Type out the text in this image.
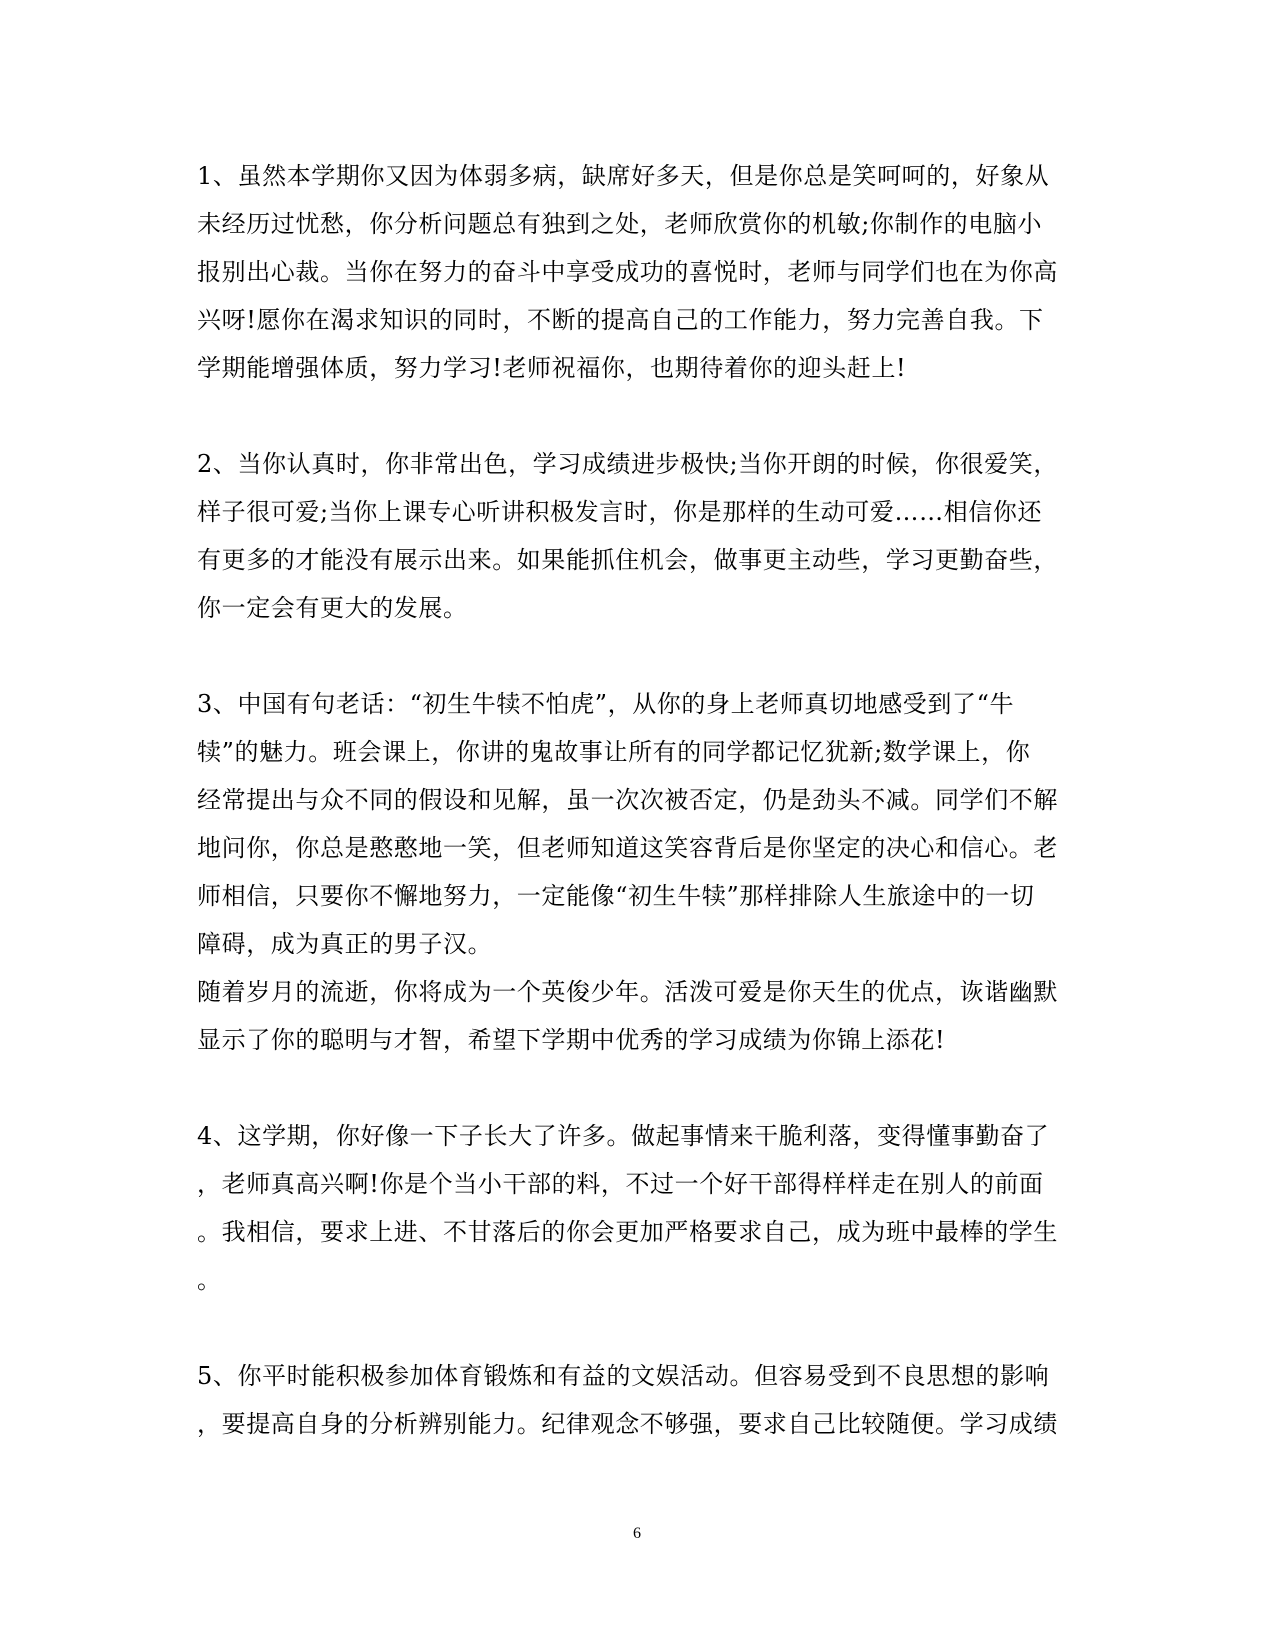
1、虽然本学期你又因为体弱多病，缺席好多天，但是你总是笑呵呵的，好象从
未经历过忧愁，你分析问题总有独到之处，老师欣赏你的机敏;你制作的电脑小
报别出心裁。当你在努力的奋斗中享受成功的喜悦时，老师与同学们也在为你高
兴呀!愿你在渴求知识的同时，不断的提高自己的工作能力，努力完善自我。下
学期能增强体质，努力学习!老师祝福你，也期待着你的迎头赶上!
2、当你认真时，你非常出色，学习成绩进步极快;当你开朗的时候，你很爱笑，
样子很可爱;当你上课专心听讲积极发言时，你是那样的生动可爱……相信你还
有更多的才能没有展示出来。如果能抓住机会，做事更主动些，学习更勤奋些，
你一定会有更大的发展。
3、中国有句老话：“初生牛犊不怕虎”，从你的身上老师真切地感受到了“牛
犊”的魅力。班会课上，你讲的鬼故事让所有的同学都记忆犹新;数学课上，你
经常提出与众不同的假设和见解，虽一次次被否定，仍是劲头不减。同学们不解
地问你，你总是憨憨地一笑，但老师知道这笑容背后是你坚定的决心和信心。老
师相信，只要你不懈地努力，一定能像“初生牛犊”那样排除人生旅途中的一切
障碍，成为真正的男子汉。
随着岁月的流逝，你将成为一个英俊少年。活泼可爱是你天生的优点，诙谐幽默
显示了你的聪明与才智，希望下学期中优秀的学习成绩为你锦上添花!
4、这学期，你好像一下子长大了许多。做起事情来干脆利落，变得懂事勤奋了
，老师真高兴啊!你是个当小干部的料，不过一个好干部得样样走在别人的前面
。我相信，要求上进、不甘落后的你会更加严格要求自己，成为班中最棒的学生
。
5、你平时能积极参加体育锻炼和有益的文娱活动。但容易受到不良思想的影响
，要提高自身的分析辨别能力。纪律观念不够强，要求自己比较随便。学习成绩
6
